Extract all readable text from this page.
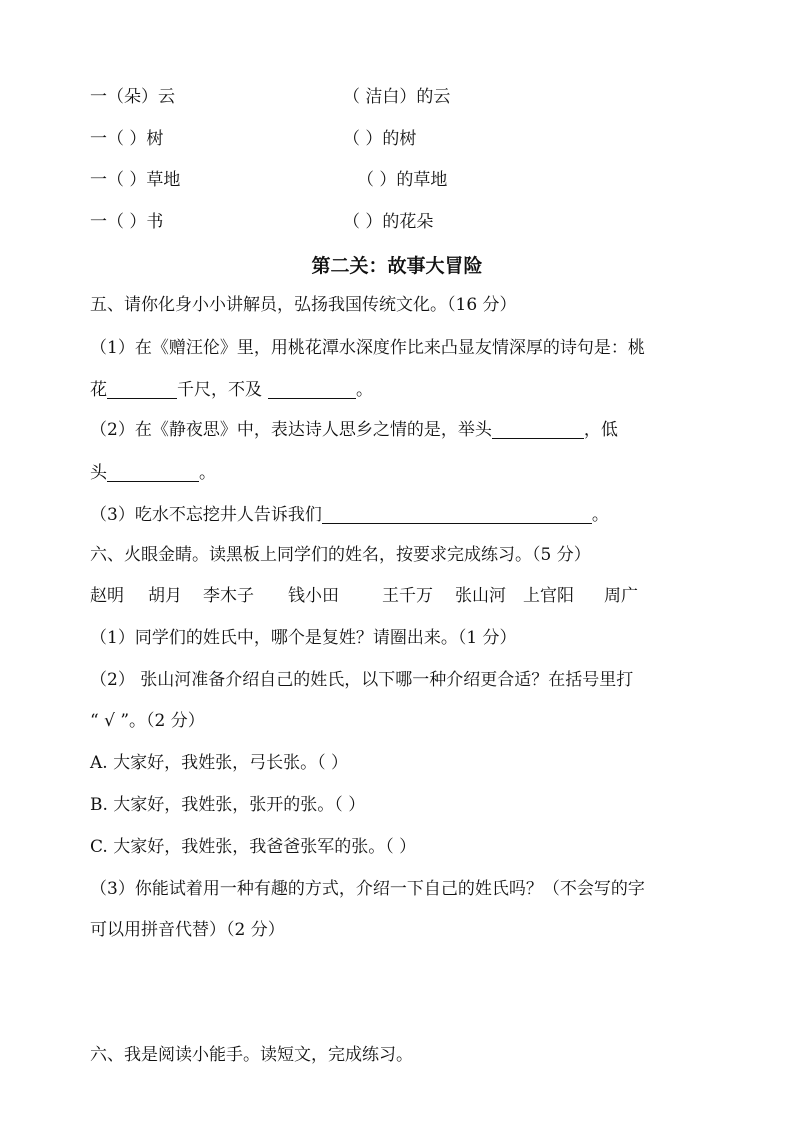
一（朵）云	（ 洁白）的云
一（ ）树	（ ）的树
一（ ）草地	（ ）的草地
一（ ）书	（ ）的花朵
第二关：故事大冒险
五、请你化身小小讲解员，弘扬我国传统文化。（16 分）
（1）在《赠汪伦》里，用桃花潭水深度作比来凸显友情深厚的诗句是：桃
花	千尺，不及	。
（2）在《静夜思》中，表达诗人思乡之情的是，举头	，低
头	。
（3）吃水不忘挖井人告诉我们	。
六、火眼金睛。读黑板上同学们的姓名，按要求完成练习。（5 分）
赵明 胡月 李木子 钱小田	王千万 张山河 上官阳 周广
（1）同学们的姓氏中，哪个是复姓？请圈出来。（1 分）
（2） 张山河准备介绍自己的姓氏，以下哪一种介绍更合适？在括号里打
“ √ ”。（2 分）
A. 大家好，我姓张，弓长张。（ ）
B. 大家好，我姓张，张开的张。（ ）
C. 大家好，我姓张，我爸爸张军的张。（ ）
（3）你能试着用一种有趣的方式，介绍一下自己的姓氏吗？（不会写的字
可以用拼音代替）（2 分）
六、我是阅读小能手。读短文，完成练习。
